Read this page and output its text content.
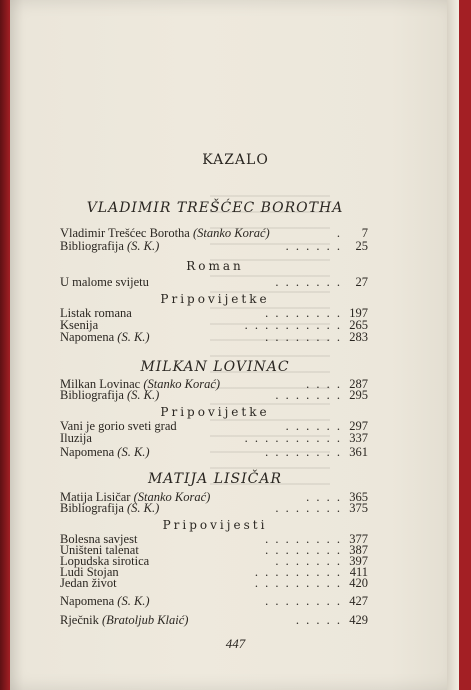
KAZALO
VLADIMIR TREŠĆEC BOROTHA
Vladimir Trešćec Borotha (Stanko Korać)	. 7
Bibliografija (S. K.)	. . . . . . 25
Roman
U malome svijetu	. . . . . . . 27
Pripovijetke
Listak romana	. . . . . . . . 197
Ksenija	. . . . . . . . . . 265
Napomena (S. K.)	. . . . . . . . 283
MILKAN LOVINAC
Milkan Lovinac (Stanko Korać)	. . . . 287
Bibliografija (S. K.)	. . . . . . . 295
Pripovijetke
Vani je gorio sveti grad	. . . . . . 297
Iluzija	. . . . . . . . . . 337
Napomena (S. K.)	. . . . . . . . 361
MATIJA LISIČAR
Matija Lisičar (Stanko Korać)	. . . . 365
Bibliografija (S. K.)	. . . . . . . 375
Pripovijesti
Bolesna savjest	. . . . . . . . 377
Uništeni talenat	. . . . . . . . 387
Lopudska sirotica	. . . . . . . 397
Ludi Stojan	. . . . . . . . . 411
Jedan život	. . . . . . . . . 420
Napomena (S. K.)	. . . . . . . . 427
Rječnik (Bratoljub Klaić)	. . . . . 429
447
